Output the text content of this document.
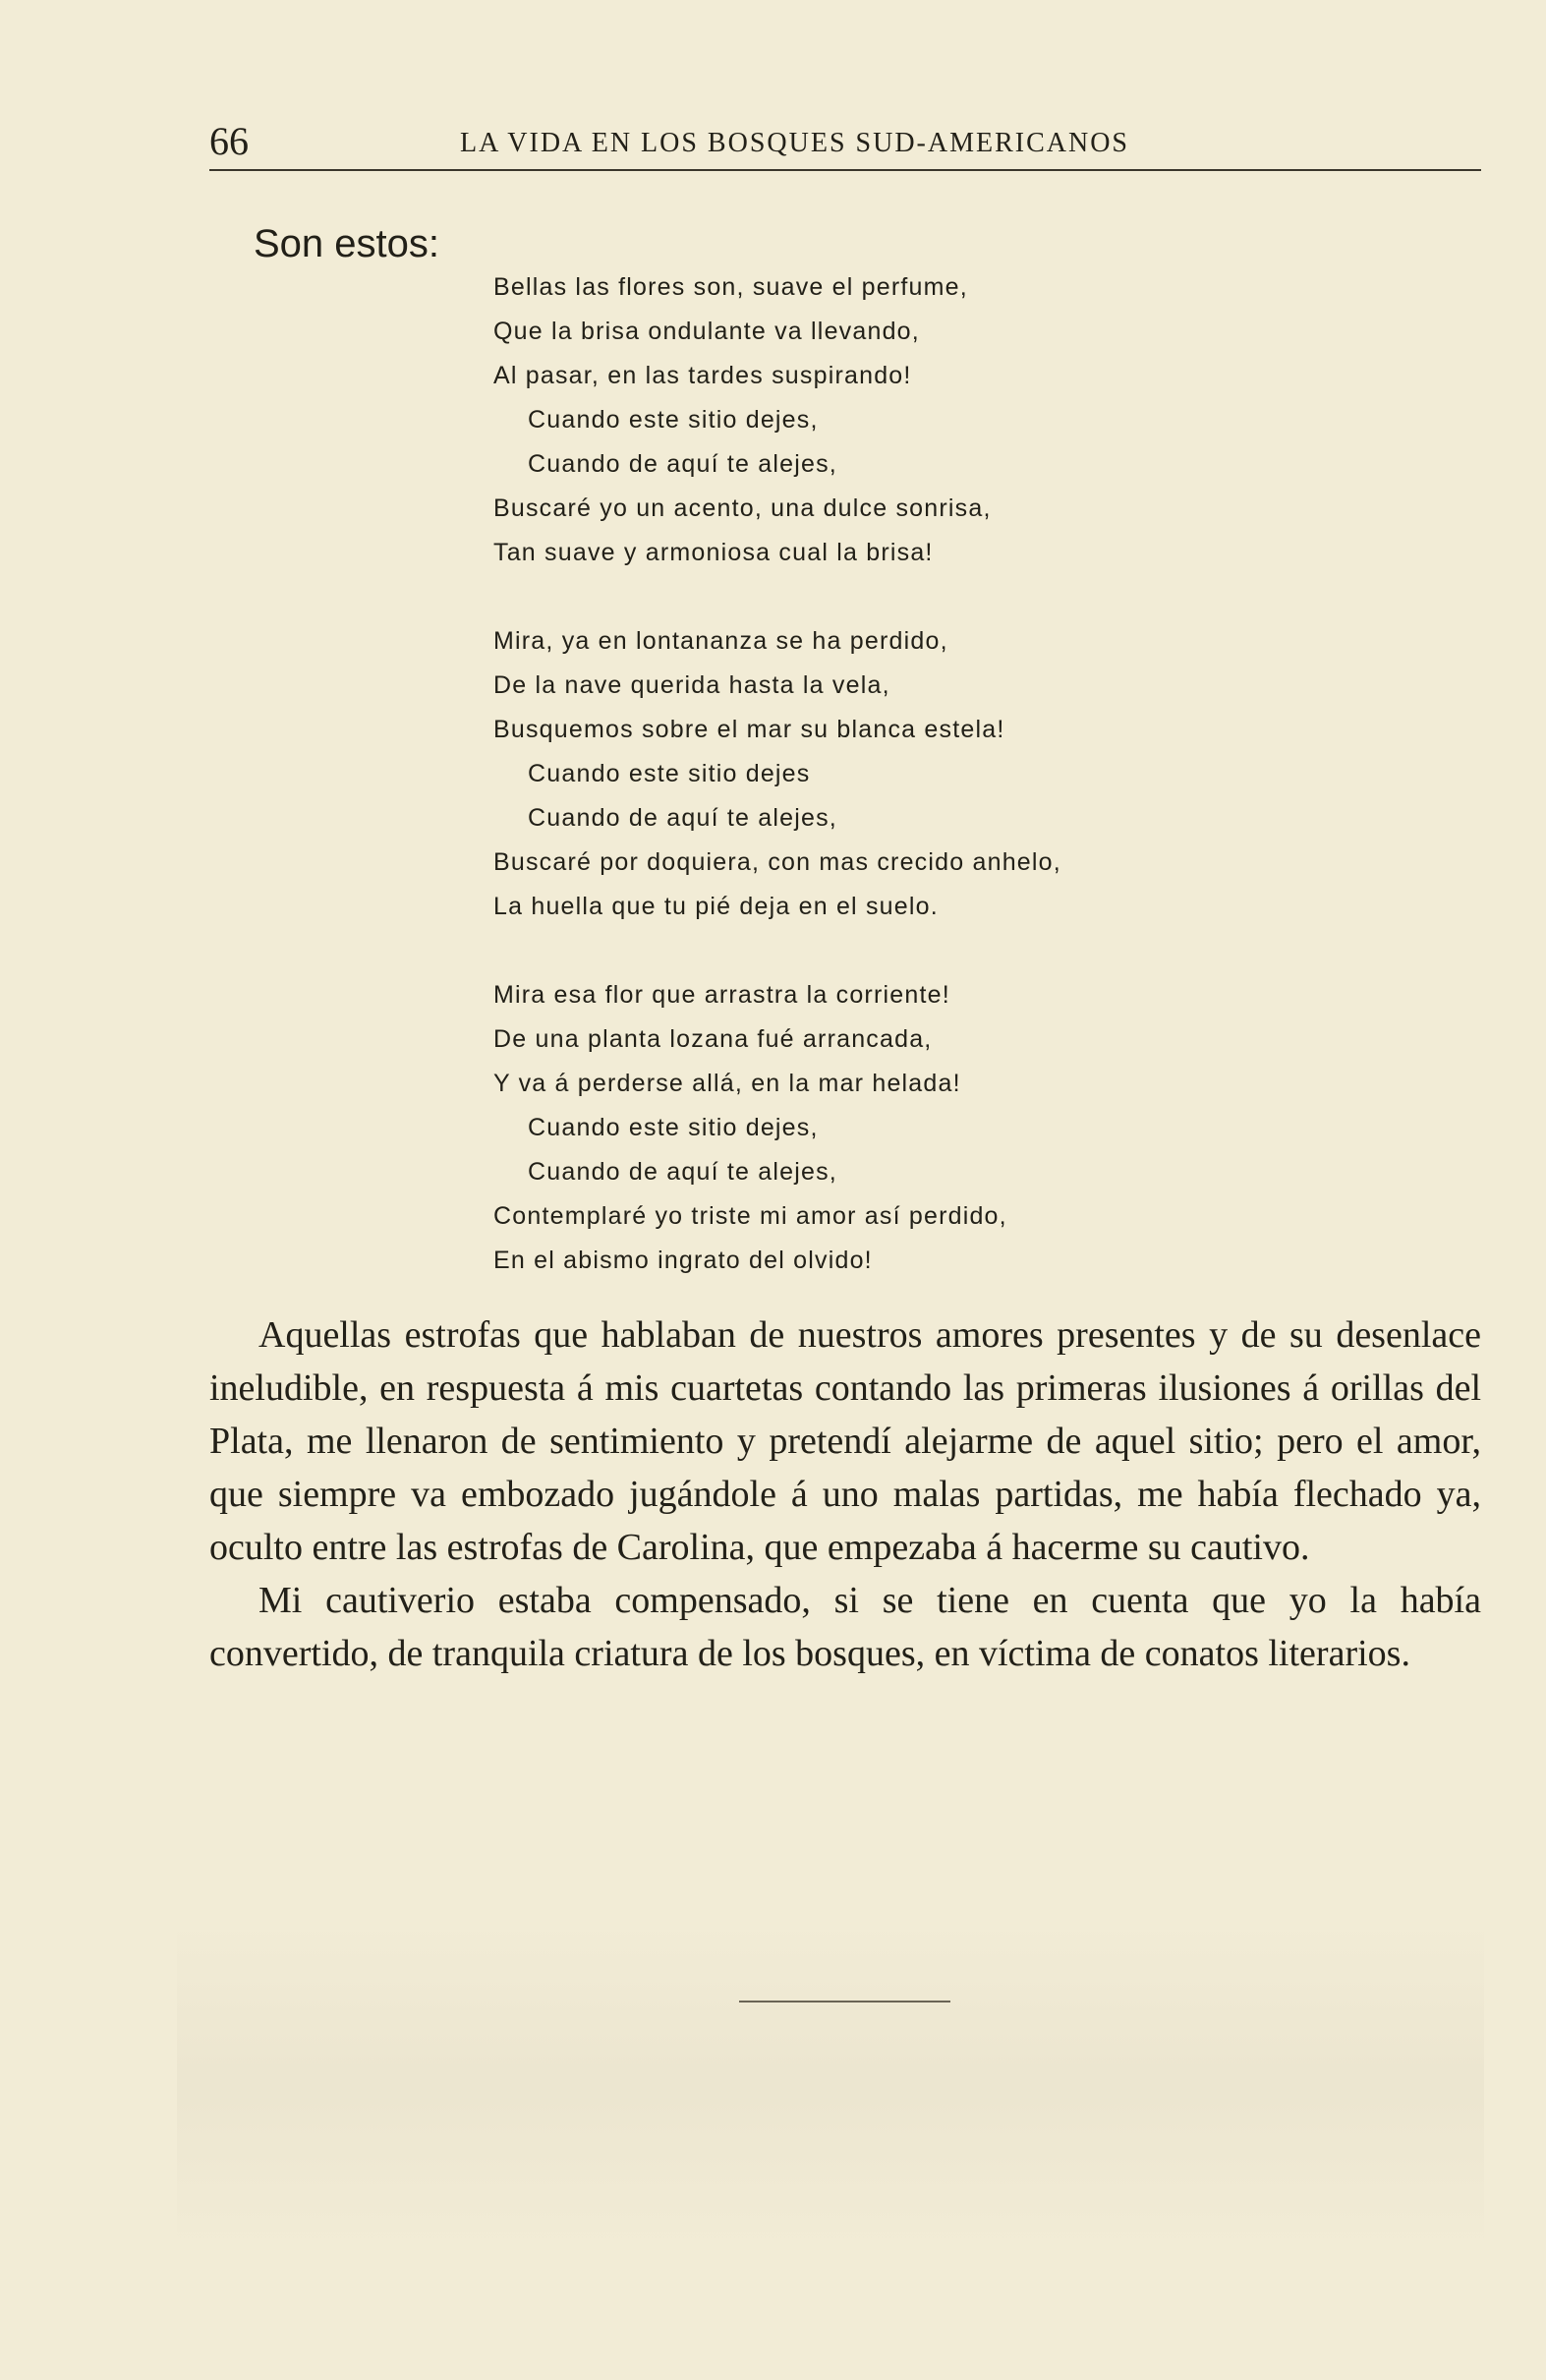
66	LA VIDA EN LOS BOSQUES SUD-AMERICANOS
Son estos:
Bellas las flores son, suave el perfume,
Que la brisa ondulante va llevando,
Al pasar, en las tardes suspirando!
Cuando este sitio dejes,
Cuando de aquí te alejes,
Buscaré yo un acento, una dulce sonrisa,
Tan suave y armoniosa cual la brisa!
Mira, ya en lontananza se ha perdido,
De la nave querida hasta la vela,
Busquemos sobre el mar su blanca estela!
Cuando este sitio dejes
Cuando de aquí te alejes,
Buscaré por doquiera, con mas crecido anhelo,
La huella que tu pié deja en el suelo.
Mira esa flor que arrastra la corriente!
De una planta lozana fué arrancada,
Y va á perderse allá, en la mar helada!
Cuando este sitio dejes,
Cuando de aquí te alejes,
Contemplaré yo triste mi amor así perdido,
En el abismo ingrato del olvido!

Aquellas estrofas que hablaban de nuestros amores presentes y de su desenlace ineludible, en respuesta á mis cuartetas contando las primeras ilusiones á orillas del Plata, me llenaron de sentimiento y pretendí alejarme de aquel sitio; pero el amor, que siempre va embozado jugándole á uno malas partidas, me había flechado ya, oculto entre las estrofas de Carolina, que empezaba á hacerme su cautivo.

Mi cautiverio estaba compensado, si se tiene en cuenta que yo la había convertido, de tranquila criatura de los bosques, en víctima de conatos literarios.
